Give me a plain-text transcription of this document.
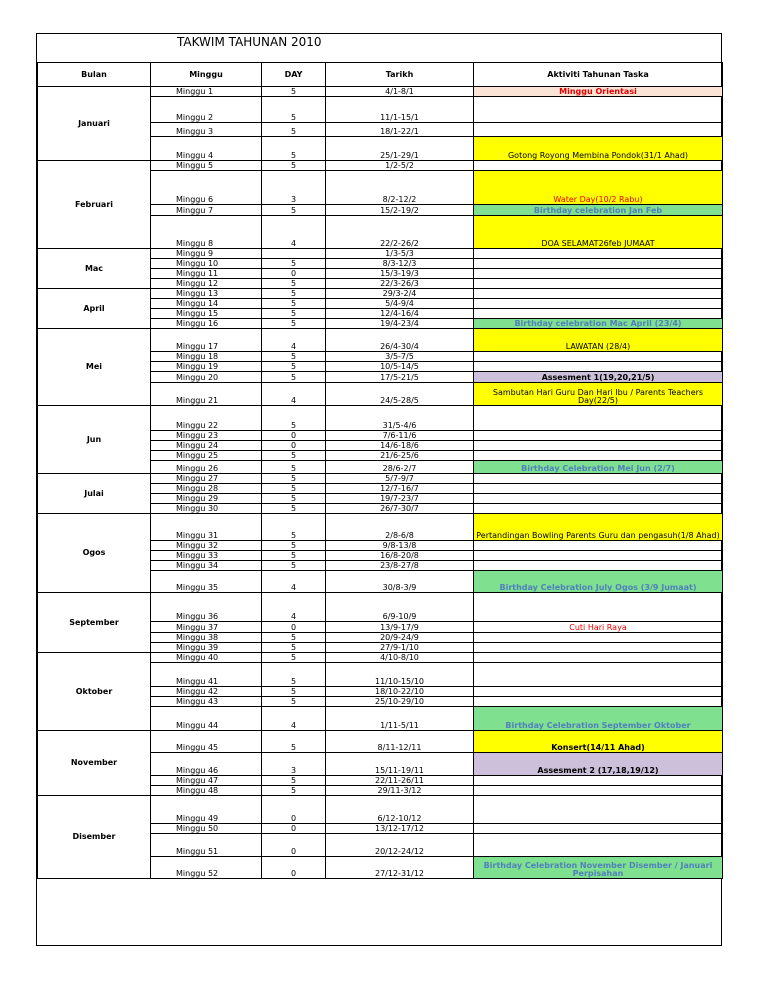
TAKWIM TAHUNAN 2010
Bulan	Minggu	DAY	Tarikh	Aktiviti Tahunan Taska
Januari	Minggu 1	5	4/1-8/1	Minggu Orientasi
	Minggu 2	5	11/1-15/1	
	Minggu 3	5	18/1-22/1	
	Minggu 4	5	25/1-29/1	Gotong Royong Membina Pondok(31/1 Ahad)
Februari	Minggu 5	5	1/2-5/2	
	Minggu 6	3	8/2-12/2	Water Day(10/2 Rabu)
	Minggu 7	5	15/2-19/2	Birthday celebration Jan Feb
	Minggu 8	4	22/2-26/2	DOA SELAMAT26feb JUMAAT
Mac	Minggu 9		1/3-5/3	
	Minggu 10	5	8/3-12/3	
	Minggu 11	0	15/3-19/3	
	Minggu 12	5	22/3-26/3	
April	Minggu 13	5	29/3-2/4	
	Minggu 14	5	5/4-9/4	
	Minggu 15	5	12/4-16/4	
	Minggu 16	5	19/4-23/4	Birthday celebration Mac April (23/4)
Mei	Minggu 17	4	26/4-30/4	LAWATAN (28/4)
	Minggu 18	5	3/5-7/5	
	Minggu 19	5	10/5-14/5	
	Minggu 20	5	17/5-21/5	Assesment 1(19,20,21/5)
	Minggu 21	4	24/5-28/5	Sambutan Hari Guru Dan Hari Ibu / Parents Teachers Day(22/5)
Jun	Minggu 22	5	31/5-4/6	
	Minggu 23	0	7/6-11/6	
	Minggu 24	0	14/6-18/6	
	Minggu 25	5	21/6-25/6	
	Minggu 26	5	28/6-2/7	Birthday Celebration Mei Jun (2/7)
Julai	Minggu 27	5	5/7-9/7	
	Minggu 28	5	12/7-16/7	
	Minggu 29	5	19/7-23/7	
	Minggu 30	5	26/7-30/7	
Ogos	Minggu 31	5	2/8-6/8	Pertandingan Bowling Parents Guru dan pengasuh(1/8 Ahad)
	Minggu 32	5	9/8-13/8	
	Minggu 33	5	16/8-20/8	
	Minggu 34	5	23/8-27/8	
	Minggu 35	4	30/8-3/9	Birthday Celebration July Ogos (3/9 Jumaat)
September	Minggu 36	4	6/9-10/9	
	Minggu 37	0	13/9-17/9	Cuti Hari Raya
	Minggu 38	5	20/9-24/9	
	Minggu 39	5	27/9-1/10	
Oktober	Minggu 40	5	4/10-8/10	
	Minggu 41	5	11/10-15/10	
	Minggu 42	5	18/10-22/10	
	Minggu 43	5	25/10-29/10	
	Minggu 44	4	1/11-5/11	Birthday Celebration September Oktober
November	Minggu 45	5	8/11-12/11	Konsert(14/11 Ahad)
	Minggu 46	3	15/11-19/11	Assesment 2 (17,18,19/12)
	Minggu 47	5	22/11-26/11	
	Minggu 48	5	29/11-3/12	
Disember	Minggu 49	0	6/12-10/12	
	Minggu 50	0	13/12-17/12	
	Minggu 51	0	20/12-24/12	
	Minggu 52	0	27/12-31/12	Birthday Celebration November Disember / Januari Perpisahan
